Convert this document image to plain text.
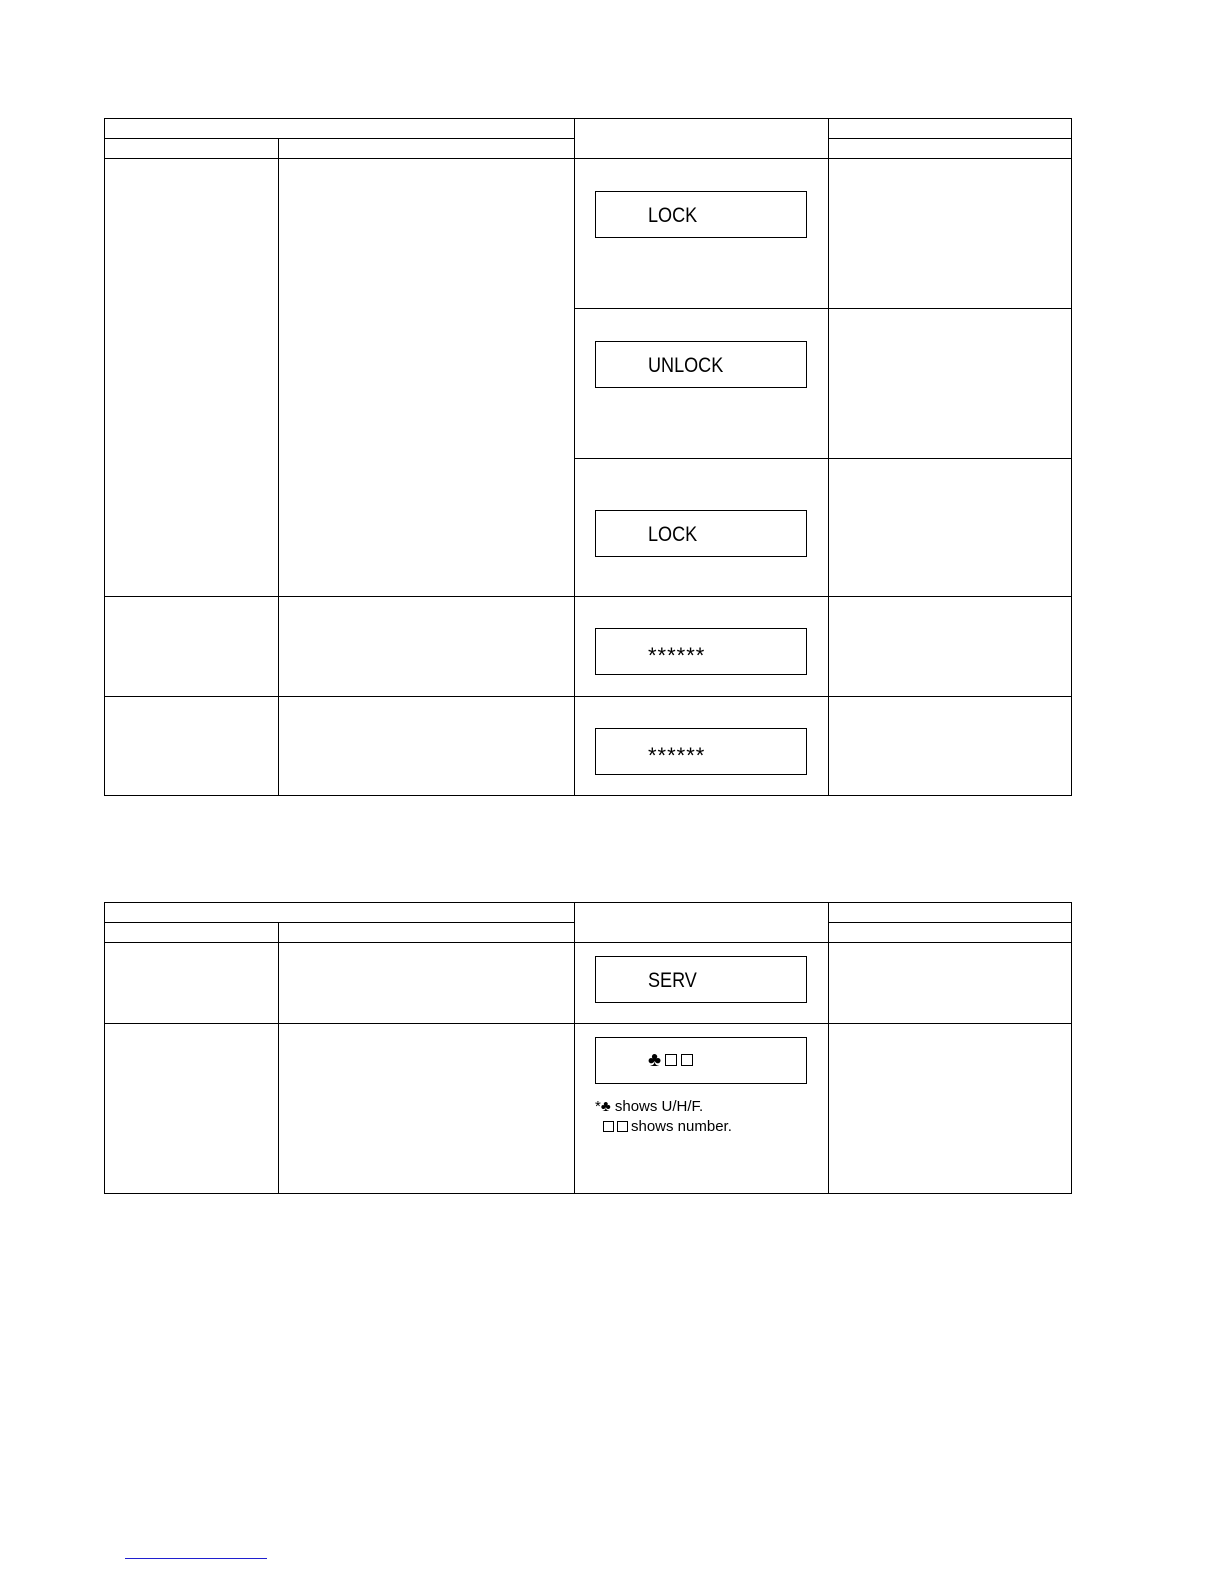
		LOCK	

		UNLOCK	

		LOCK	

		******	

		******	

		SERV	

		♣
*♣ shows U/H/F.
shows number.	
